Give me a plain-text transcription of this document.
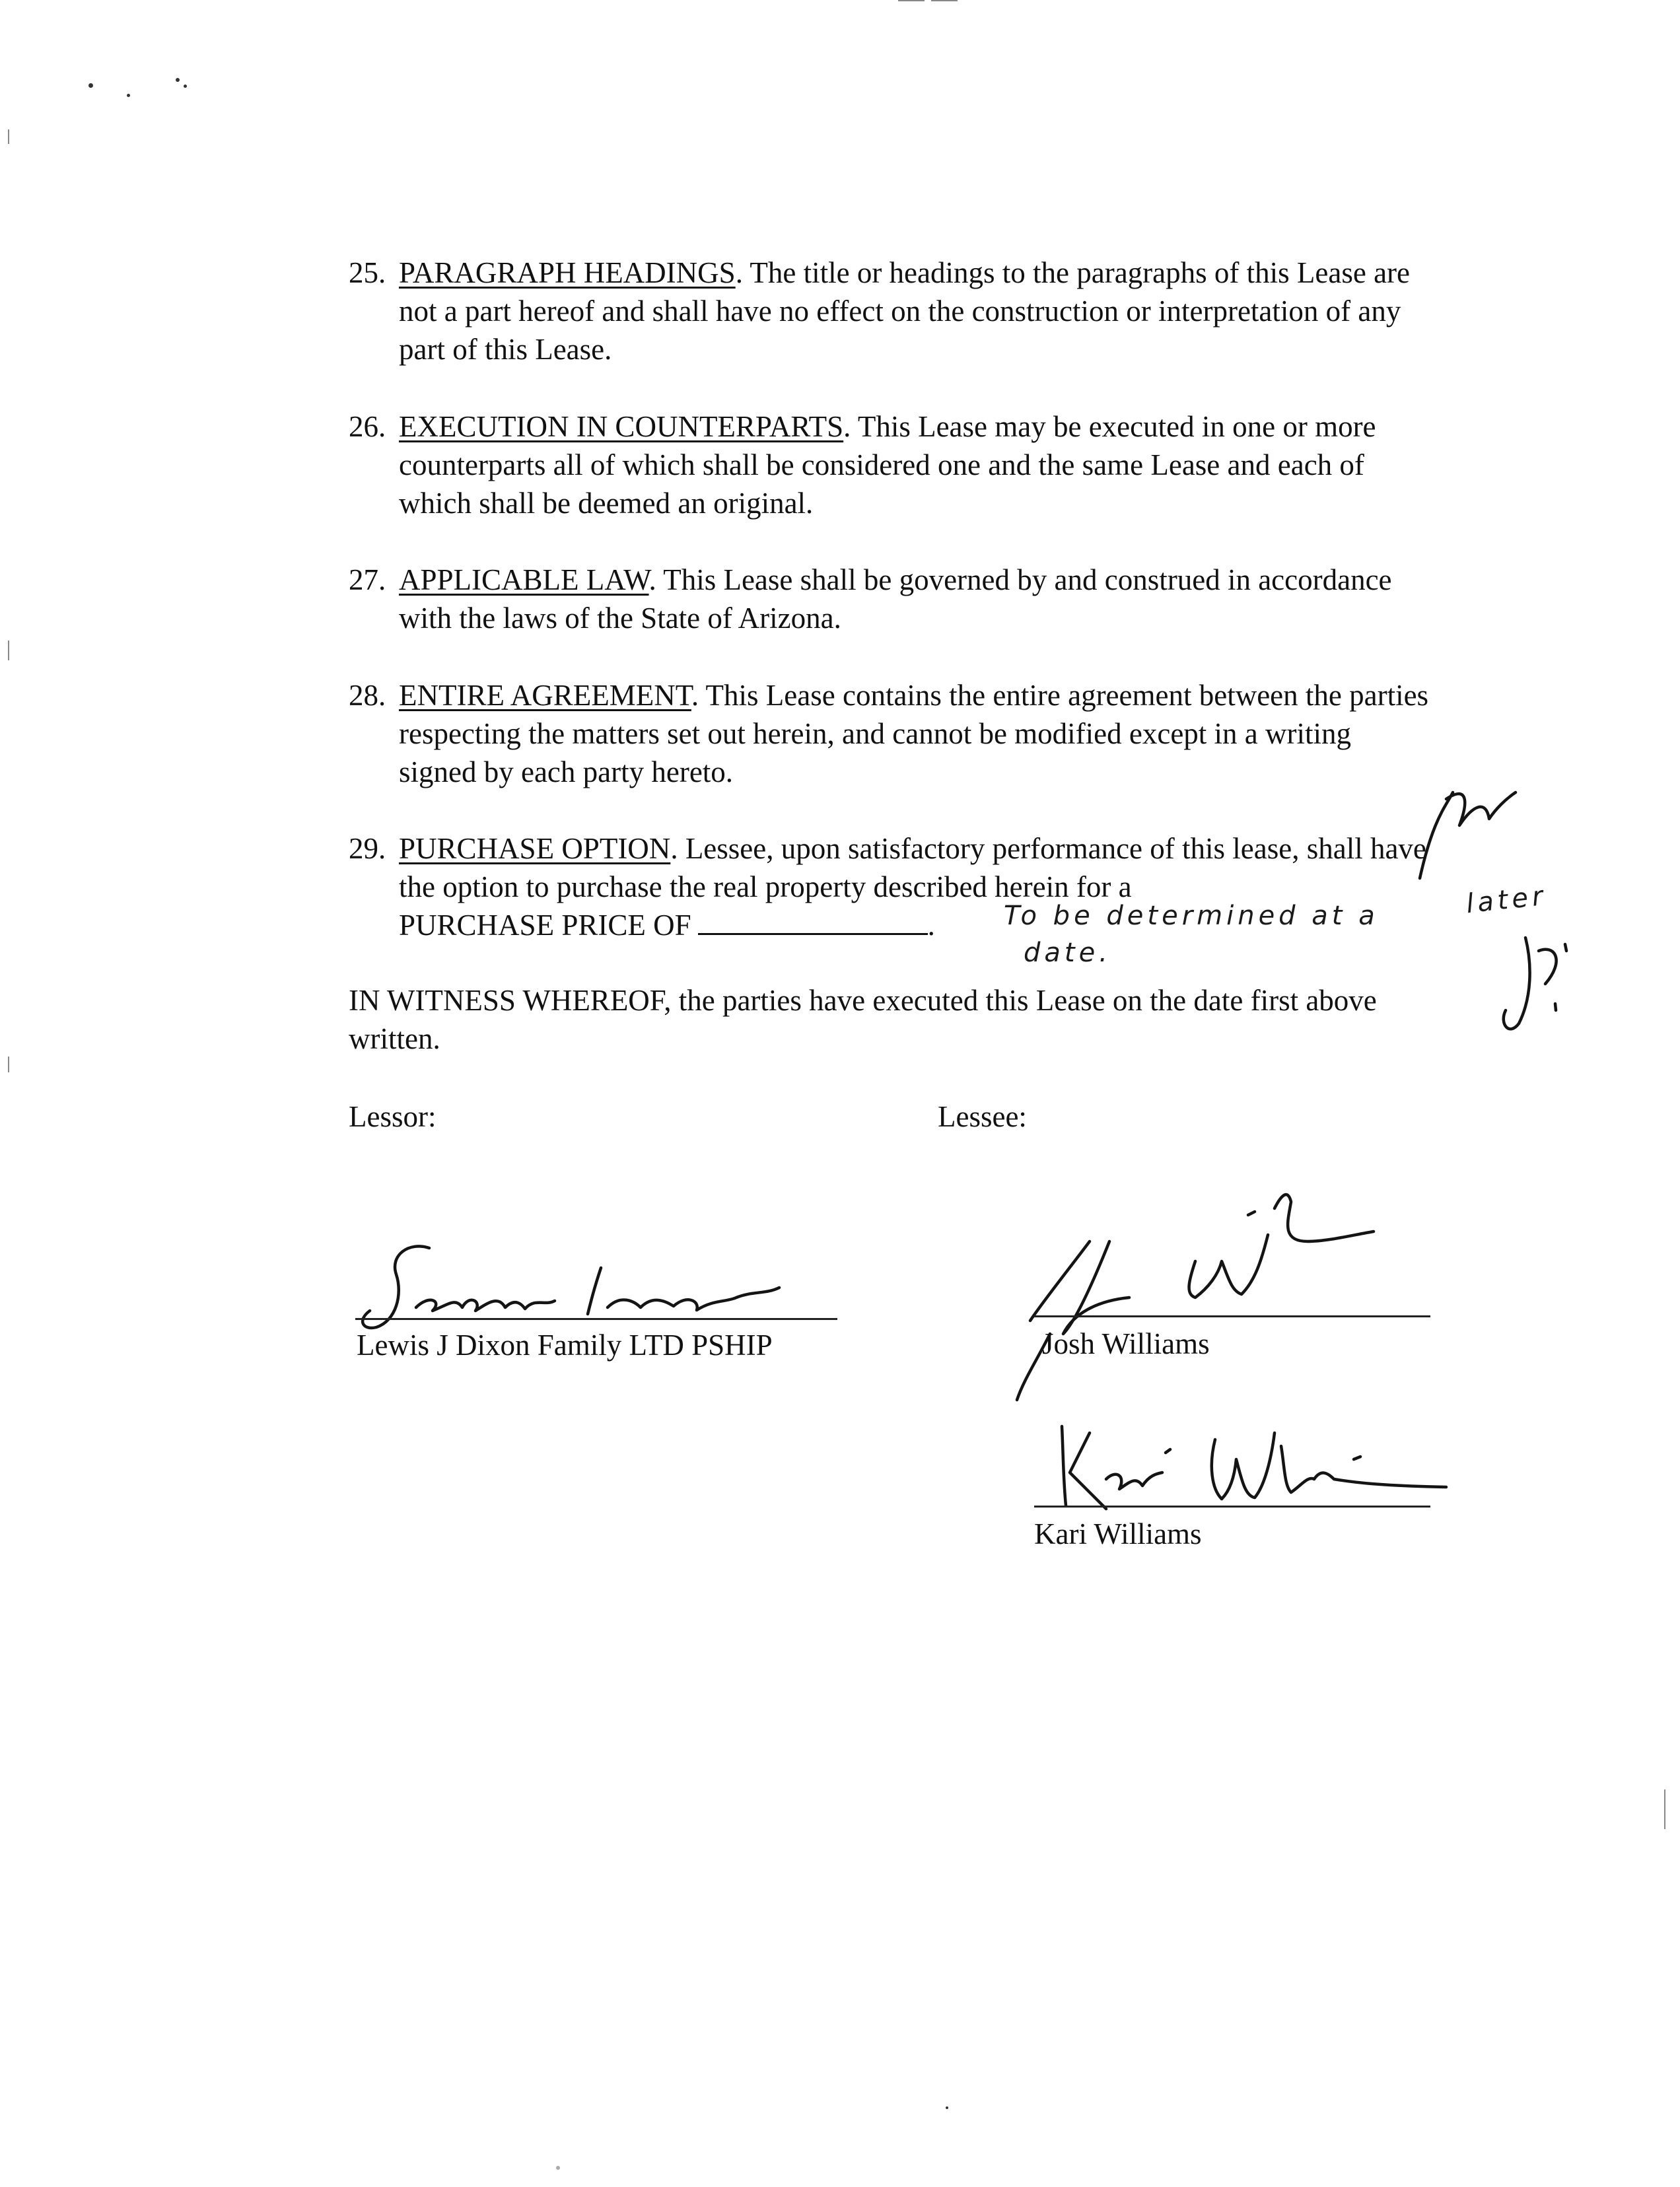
25. PARAGRAPH HEADINGS. The title or headings to the paragraphs of this Lease are not a part hereof and shall have no effect on the construction or interpretation of any part of this Lease.
26. EXECUTION IN COUNTERPARTS. This Lease may be executed in one or more counterparts all of which shall be considered one and the same Lease and each of which shall be deemed an original.
27. APPLICABLE LAW. This Lease shall be governed by and construed in accordance with the laws of the State of Arizona.
28. ENTIRE AGREEMENT. This Lease contains the entire agreement between the parties respecting the matters set out herein, and cannot be modified except in a writing signed by each party hereto.
29. PURCHASE OPTION. Lessee, upon satisfactory performance of this lease, shall have the option to purchase the real property described herein for a
PURCHASE PRICE OF	.	To be determined at a
date.
later
IN WITNESS WHEREOF, the parties have executed this Lease on the date first above written.
Lessor:	Lessee:
Lewis J Dixon Family LTD PSHIP	Josh Williams
Kari Williams
